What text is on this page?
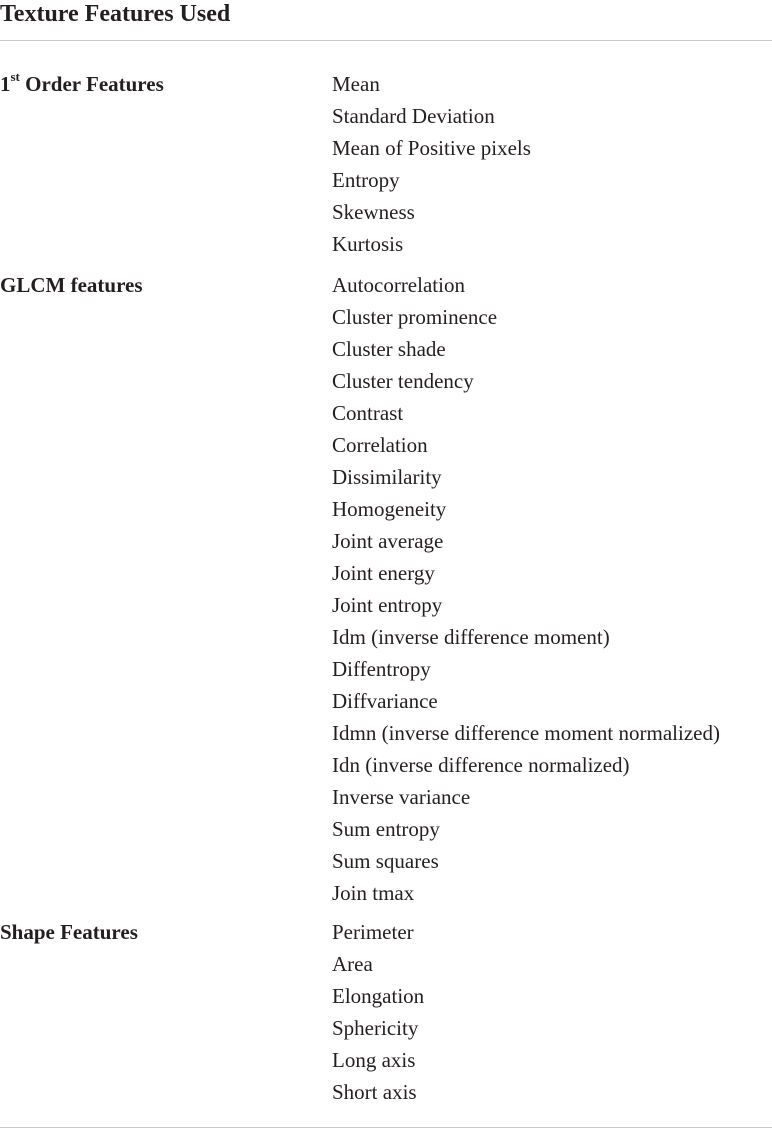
Texture Features Used
1st Order Features	Mean
Standard Deviation
Mean of Positive pixels
Entropy
Skewness
Kurtosis
GLCM features	Autocorrelation
Cluster prominence
Cluster shade
Cluster tendency
Contrast
Correlation
Dissimilarity
Homogeneity
Joint average
Joint energy
Joint entropy
Idm (inverse difference moment)
Diffentropy
Diffvariance
Idmn (inverse difference moment normalized)
Idn (inverse difference normalized)
Inverse variance
Sum entropy
Sum squares
Join tmax
Shape Features	Perimeter
Area
Elongation
Sphericity
Long axis
Short axis
